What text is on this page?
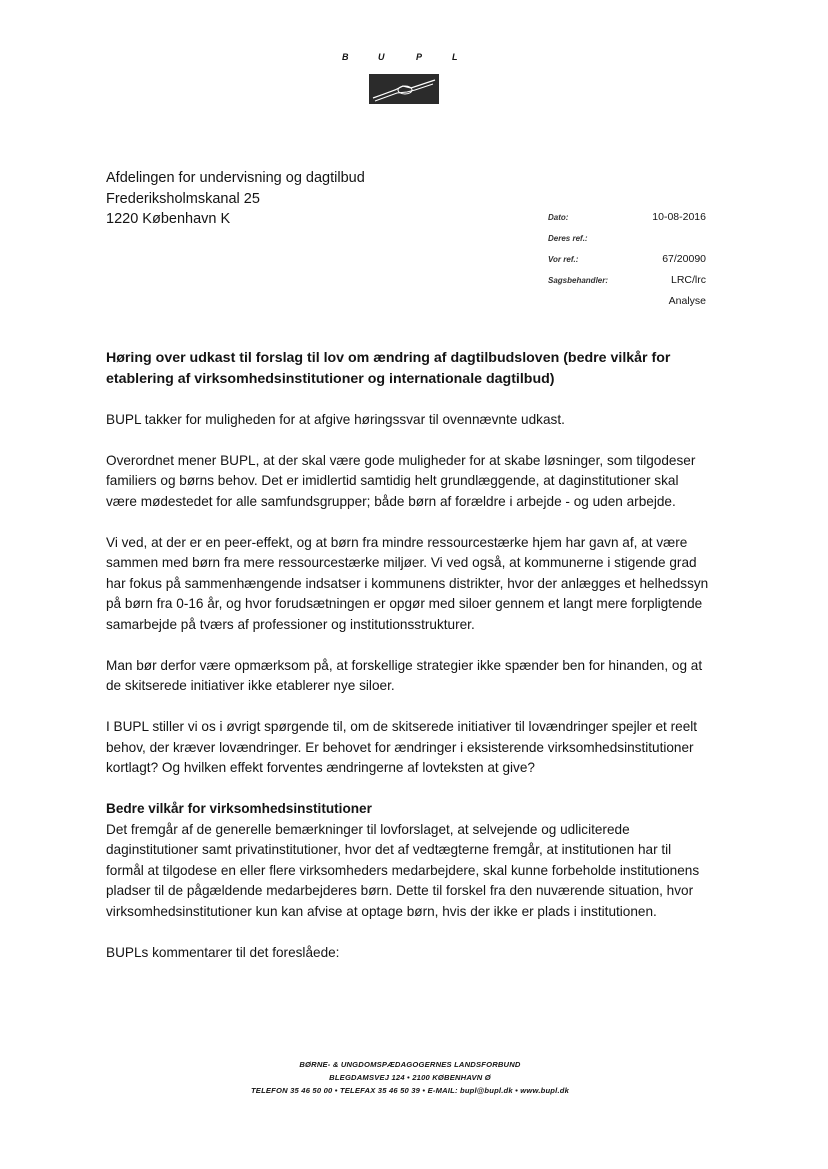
B	U	P	L
Afdelingen for undervisning og dagtilbud
Frederiksholmskanal 25
1220 København K	Dato:	10-08-2016
Deres ref.:
Vor ref.:	67/20090
Sagsbehandler:	LRC/lrc
Analyse

Høring over udkast til forslag til lov om ændring af dagtilbudsloven (bedre vilkår for etablering af virksomhedsinstitutioner og internationale dagtilbud)

BUPL takker for muligheden for at afgive høringssvar til ovennævnte udkast.

Overordnet mener BUPL, at der skal være gode muligheder for at skabe løsninger, som tilgodeser familiers og børns behov. Det er imidlertid samtidig helt grundlæggende, at daginstitutioner skal være mødestedet for alle samfundsgrupper; både børn af forældre i arbejde - og uden arbejde.

Vi ved, at der er en peer-effekt, og at børn fra mindre ressourcestærke hjem har gavn af, at være sammen med børn fra mere ressourcestærke miljøer. Vi ved også, at kommunerne i stigende grad har fokus på sammenhængende indsatser i kommunens distrikter, hvor der anlægges et helhedssyn på børn fra 0-16 år, og hvor forudsætningen er opgør med siloer gennem et langt mere forpligtende samarbejde på tværs af professioner og institutionsstrukturer.

Man bør derfor være opmærksom på, at forskellige strategier ikke spænder ben for hinanden, og at de skitserede initiativer ikke etablerer nye siloer.

I BUPL stiller vi os i øvrigt spørgende til, om de skitserede initiativer til lovændringer spejler et reelt behov, der kræver lovændringer. Er behovet for ændringer i eksisterende virksomhedsinstitutioner kortlagt? Og hvilken effekt forventes ændringerne af lovteksten at give?

Bedre vilkår for virksomhedsinstitutioner

Det fremgår af de generelle bemærkninger til lovforslaget, at selvejende og udliciterede daginstitutioner samt privatinstitutioner, hvor det af vedtægterne fremgår, at institutionen har til formål at tilgodese en eller flere virksomheders medarbejdere, skal kunne forbeholde institutionens pladser til de pågældende medarbejderes børn. Dette til forskel fra den nuværende situation, hvor virksomhedsinstitutioner kun kan afvise at optage børn, hvis der ikke er plads i institutionen.

BUPLs kommentarer til det foreslåede:

BØRNE- & UNGDOMSPÆDAGOGERNES LANDSFORBUND
BLEGDAMSVEJ 124 • 2100 KØBENHAVN Ø
TELEFON 35 46 50 00 • TELEFAX 35 46 50 39 • E-MAIL: bupl@bupl.dk • www.bupl.dk
